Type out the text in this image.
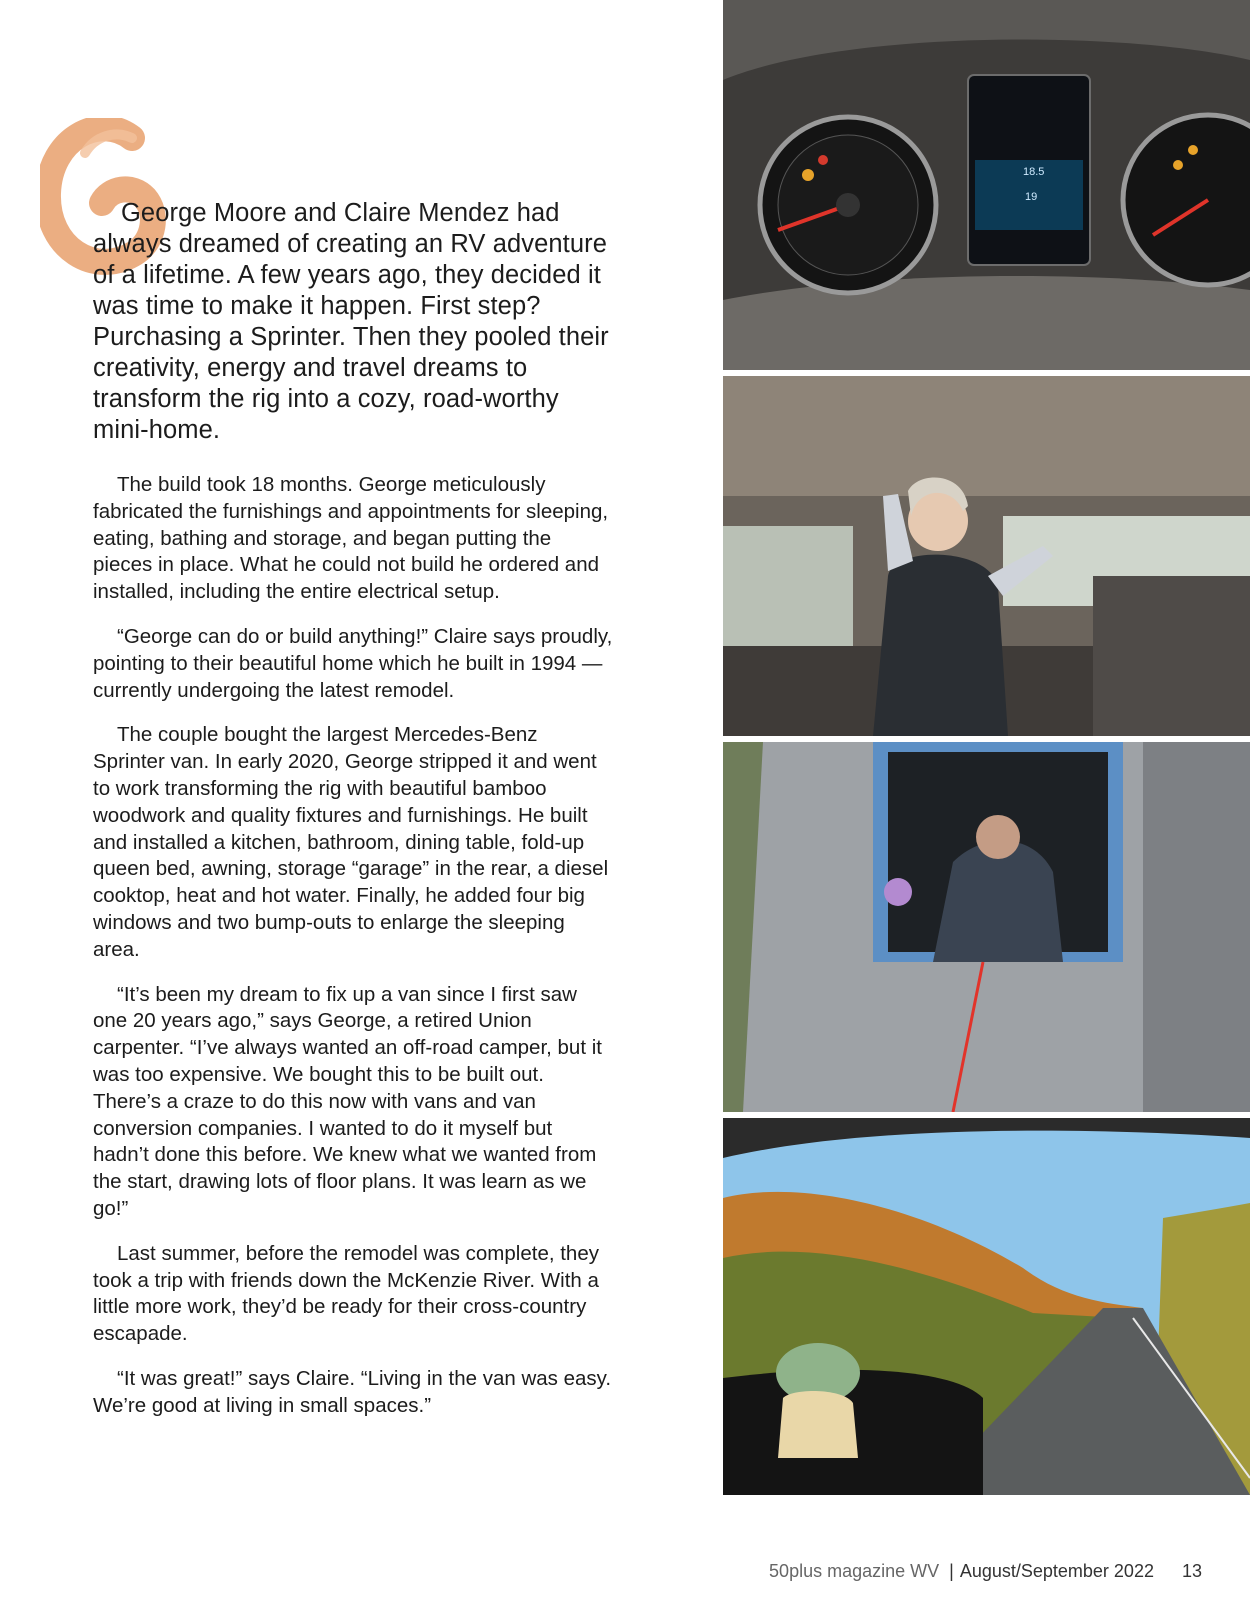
George Moore and Claire Mendez had always dreamed of creating an RV adventure of a lifetime. A few years ago, they decided it was time to make it happen. First step? Purchasing a Sprinter. Then they pooled their creativity, energy and travel dreams to transform the rig into a cozy, road-worthy mini-home.

The build took 18 months. George meticulously fabricated the furnishings and appointments for sleeping, eating, bathing and storage, and began putting the pieces in place. What he could not build he ordered and installed, including the entire electrical setup.

“George can do or build anything!” Claire says proudly, pointing to their beautiful home which he built in 1994 — currently undergoing the latest remodel.

The couple bought the largest Mercedes-Benz Sprinter van. In early 2020, George stripped it and went to work transforming the rig with beautiful bamboo woodwork and quality fixtures and furnishings. He built and installed a kitchen, bathroom, dining table, fold-up queen bed, awning, storage “garage” in the rear, a diesel cooktop, heat and hot water. Finally, he added four big windows and two bump-outs to enlarge the sleeping area.

“It’s been my dream to fix up a van since I first saw one 20 years ago,” says George, a retired Union carpenter. “I’ve always wanted an off-road camper, but it was too expensive. We bought this to be built out. There’s a craze to do this now with vans and van conversion companies. I wanted to do it myself but hadn’t done this before. We knew what we wanted from the start, drawing lots of floor plans. It was learn as we go!”

Last summer, before the remodel was complete, they took a trip with friends down the McKenzie River. With a little more work, they’d be ready for their cross-country escapade.

“It was great!” says Claire. “Living in the van was easy. We’re good at living in small spaces.”

18.5
19
50plus magazine WV | August/September 2022 13
